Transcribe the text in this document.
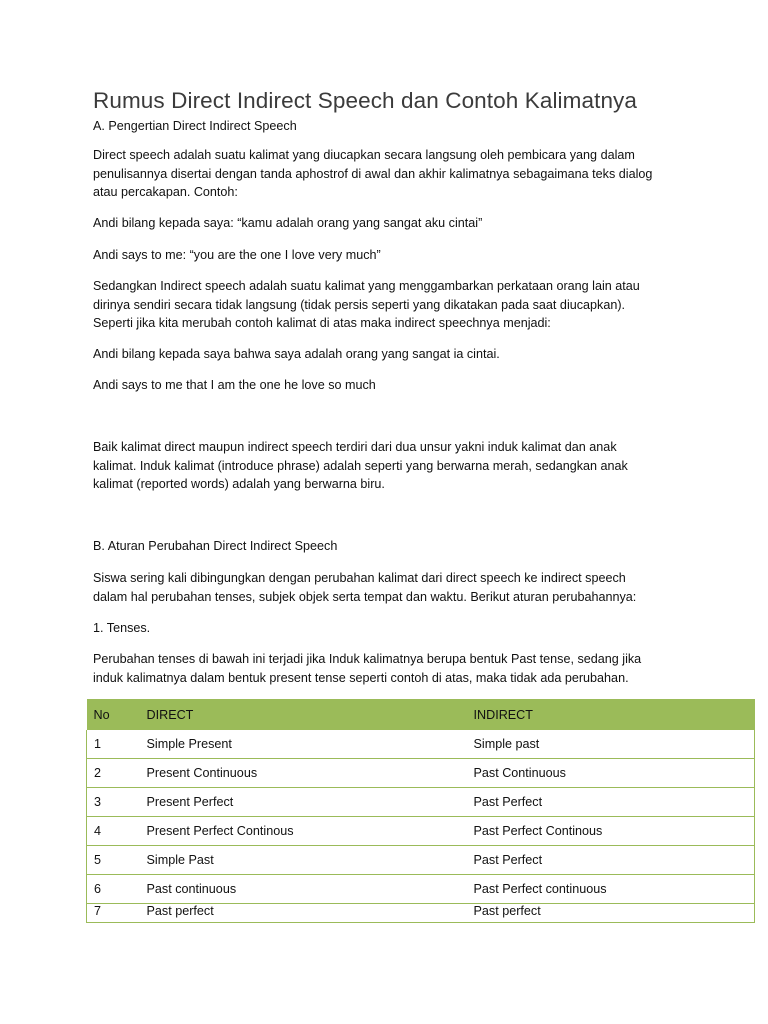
Rumus Direct Indirect Speech dan Contoh Kalimatnya
A. Pengertian Direct Indirect Speech
Direct speech adalah suatu kalimat yang diucapkan secara langsung oleh pembicara yang dalam
penulisannya disertai dengan tanda aphostrof di awal dan akhir kalimatnya sebagaimana teks dialog
atau percakapan. Contoh:
Andi bilang kepada saya: “kamu adalah orang yang sangat aku cintai”
Andi says to me: “you are the one I love very much”
Sedangkan Indirect speech adalah suatu kalimat yang menggambarkan perkataan orang lain atau
dirinya sendiri secara tidak langsung (tidak persis seperti yang dikatakan pada saat diucapkan).
Seperti jika kita merubah contoh kalimat di atas maka indirect speechnya menjadi:
Andi bilang kepada saya bahwa saya adalah orang yang sangat ia cintai.
Andi says to me that I am the one he love so much
Baik kalimat direct maupun indirect speech terdiri dari dua unsur yakni induk kalimat dan anak
kalimat. Induk kalimat (introduce phrase) adalah seperti yang berwarna merah, sedangkan anak
kalimat (reported words) adalah yang berwarna biru.
B. Aturan Perubahan Direct Indirect Speech
Siswa sering kali dibingungkan dengan perubahan kalimat dari direct speech ke indirect speech
dalam hal perubahan tenses, subjek objek serta tempat dan waktu. Berikut aturan perubahannya:
1. Tenses.
Perubahan tenses di bawah ini terjadi jika Induk kalimatnya berupa bentuk Past tense, sedang jika
induk kalimatnya dalam bentuk present tense seperti contoh di atas, maka tidak ada perubahan.
No	DIRECT	INDIRECT
1	Simple Present	Simple past
2	Present Continuous	Past Continuous
3	Present Perfect	Past Perfect
4	Present Perfect Continous	Past Perfect Continous
5	Simple Past	Past Perfect
6	Past continuous	Past Perfect continuous
7	Past perfect	Past perfect
